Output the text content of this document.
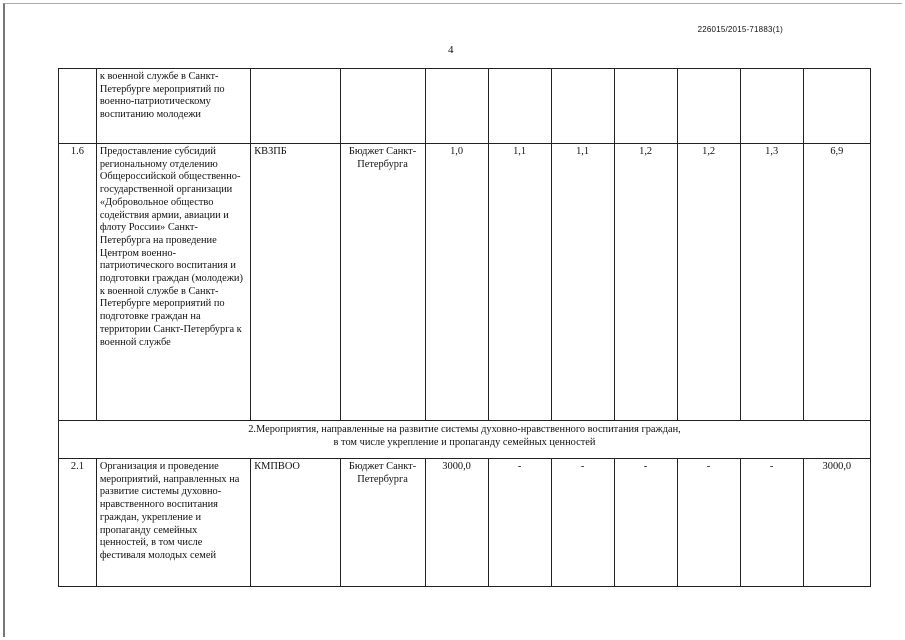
226015/2015-71883(1)
4
	к военной службе в Санкт-Петербурге мероприятий по военно-патриотическому воспитанию молодежи									
1.6	Предоставление субсидий региональному отделению Общероссийской общественно-государственной организации «Добровольное общество содействия армии, авиации и флоту России» Санкт-Петербурга на проведение Центром военно-патриотического воспитания и подготовки граждан (молодежи) к военной службе в Санкт-Петербурге мероприятий по подготовке граждан на территории Санкт-Петербурга к военной службе	КВЗПБ	Бюджет Санкт-Петербурга	1,0	1,1	1,1	1,2	1,2	1,3	6,9
2.Мероприятия, направленные на развитие системы духовно-нравственного воспитания граждан,
в том числе укрепление и пропаганду семейных ценностей										
2.1	Организация и проведение мероприятий, направленных на развитие системы духовно-нравственного воспитания граждан, укрепление и пропаганду семейных ценностей, в том числе фестиваля молодых семей	КМПВОО	Бюджет Санкт-Петербурга	3000,0	-	-	-	-	-	3000,0
